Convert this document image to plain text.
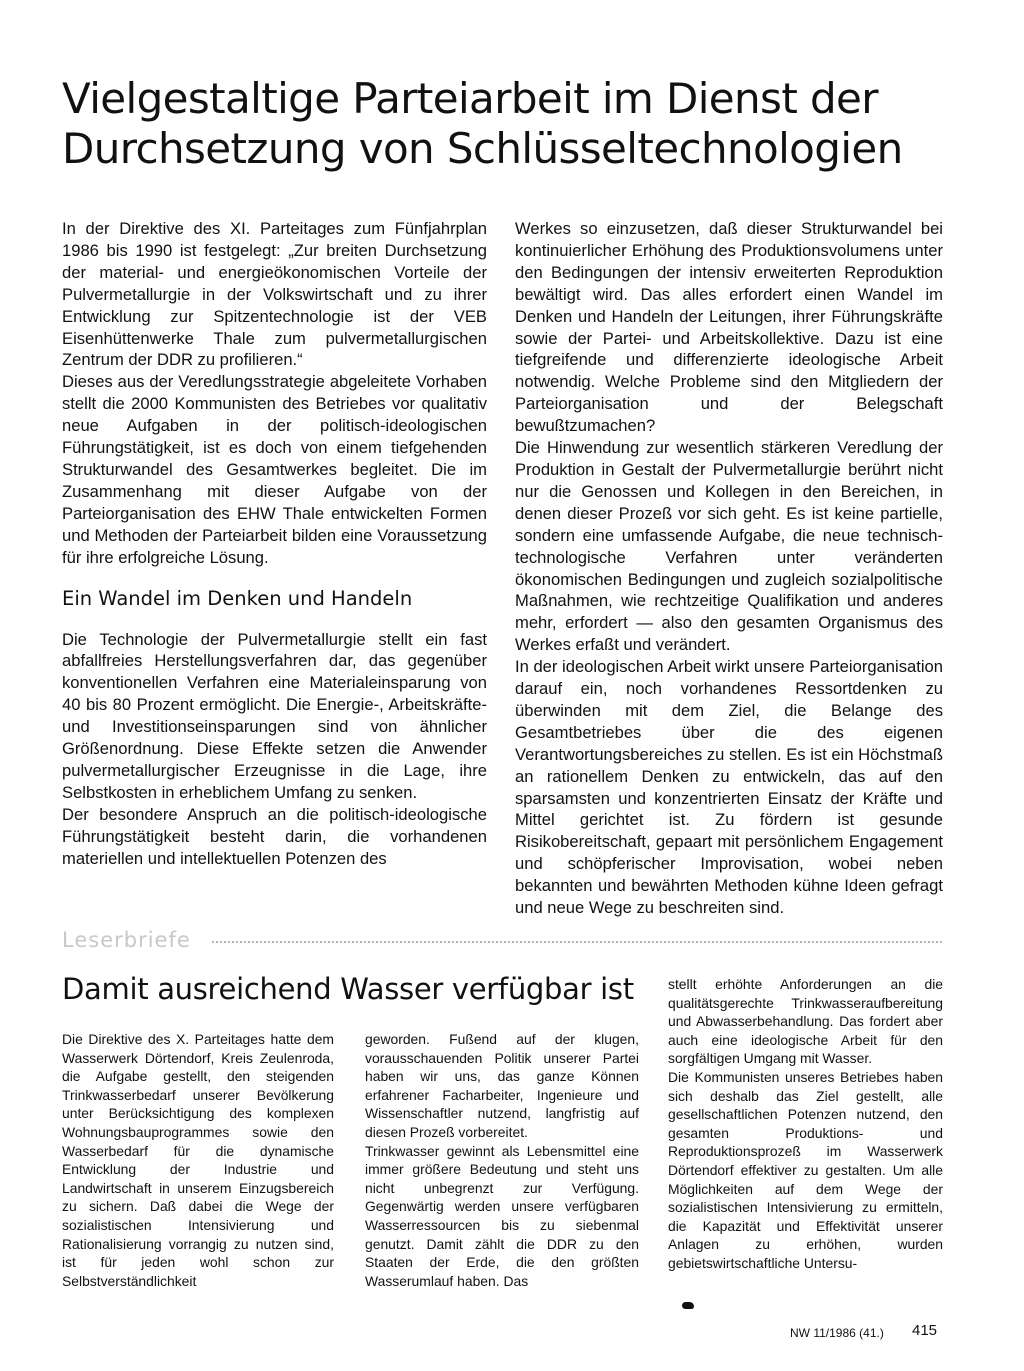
Vielgestaltige Parteiarbeit im Dienst der Durchsetzung von Schlüsseltechnologien

In der Direktive des XI. Parteitages zum Fünfjahrplan 1986 bis 1990 ist festgelegt: „Zur breiten Durchsetzung der material- und energieökonomischen Vorteile der Pulvermetallurgie in der Volkswirtschaft und zu ihrer Entwicklung zur Spitzentechnologie ist der VEB Eisenhüttenwerke Thale zum pulvermetallurgischen Zentrum der DDR zu profilieren.“

Dieses aus der Veredlungsstrategie abgeleitete Vorhaben stellt die 2000 Kommunisten des Betriebes vor qualitativ neue Aufgaben in der politisch-ideologischen Führungstätigkeit, ist es doch von einem tiefgehenden Strukturwandel des Gesamtwerkes begleitet. Die im Zusammenhang mit dieser Aufgabe von der Parteiorganisation des EHW Thale entwickelten Formen und Methoden der Parteiarbeit bilden eine Voraussetzung für ihre erfolgreiche Lösung.

Ein Wandel im Denken und Handeln

Die Technologie der Pulvermetallurgie stellt ein fast abfallfreies Herstellungsverfahren dar, das gegenüber konventionellen Verfahren eine Materialeinsparung von 40 bis 80 Prozent ermöglicht. Die Energie-, Arbeitskräfte- und Investitionseinsparungen sind von ähnlicher Größenordnung. Diese Effekte setzen die Anwender pulvermetallurgischer Erzeugnisse in die Lage, ihre Selbstkosten in erheblichem Umfang zu senken.

Der besondere Anspruch an die politisch-ideologische Führungstätigkeit besteht darin, die vorhandenen materiellen und intellektuellen Potenzen des

Werkes so einzusetzen, daß dieser Strukturwandel bei kontinuierlicher Erhöhung des Produktionsvolumens unter den Bedingungen der intensiv erweiterten Reproduktion bewältigt wird. Das alles erfordert einen Wandel im Denken und Handeln der Leitungen, ihrer Führungskräfte sowie der Partei- und Arbeitskollektive. Dazu ist eine tiefgreifende und differenzierte ideologische Arbeit notwendig. Welche Probleme sind den Mitgliedern der Parteiorganisation und der Belegschaft bewußtzumachen?

Die Hinwendung zur wesentlich stärkeren Veredlung der Produktion in Gestalt der Pulvermetallurgie berührt nicht nur die Genossen und Kollegen in den Bereichen, in denen dieser Prozeß vor sich geht. Es ist keine partielle, sondern eine umfassende Aufgabe, die neue technisch-technologische Verfahren unter veränderten ökonomischen Bedingungen und zugleich sozialpolitische Maßnahmen, wie rechtzeitige Qualifikation und anderes mehr, erfordert — also den gesamten Organismus des Werkes erfaßt und verändert.

In der ideologischen Arbeit wirkt unsere Parteiorganisation darauf ein, noch vorhandenes Ressortdenken zu überwinden mit dem Ziel, die Belange des Gesamtbetriebes über die des eigenen Verantwortungsbereiches zu stellen. Es ist ein Höchstmaß an rationellem Denken zu entwickeln, das auf den sparsamsten und konzentrierten Einsatz der Kräfte und Mittel gerichtet ist. Zu fördern ist gesunde Risikobereitschaft, gepaart mit persönlichem Engagement und schöpferischer Improvisation, wobei neben bekannten und bewährten Methoden kühne Ideen gefragt und neue Wege zu beschreiten sind.

Leserbriefe
Damit ausreichend Wasser verfügbar ist

Die Direktive des X. Parteitages hatte dem Wasserwerk Dörtendorf, Kreis Zeulenroda, die Aufgabe gestellt, den steigenden Trinkwasserbedarf unserer Bevölkerung unter Berücksichtigung des komplexen Wohnungsbauprogrammes sowie den Wasserbedarf für die dynamische Entwicklung der Industrie und Landwirtschaft in unserem Einzugsbereich zu sichern. Daß dabei die Wege der sozialistischen Intensivierung und Rationalisierung vorrangig zu nutzen sind, ist für jeden wohl schon zur Selbstverständlichkeit

geworden. Fußend auf der klugen, vorausschauenden Politik unserer Partei haben wir uns, das ganze Können erfahrener Facharbeiter, Ingenieure und Wissenschaftler nutzend, langfristig auf diesen Prozeß vorbereitet.

Trinkwasser gewinnt als Lebensmittel eine immer größere Bedeutung und steht uns nicht unbegrenzt zur Verfügung. Gegenwärtig werden unsere verfügbaren Wasserressourcen bis zu siebenmal genutzt. Damit zählt die DDR zu den Staaten der Erde, die den größten Wasserumlauf haben. Das

stellt erhöhte Anforderungen an die qualitätsgerechte Trinkwasseraufbereitung und Abwasserbehandlung. Das fordert aber auch eine ideologische Arbeit für den sorgfältigen Umgang mit Wasser.

Die Kommunisten unseres Betriebes haben sich deshalb das Ziel gestellt, alle gesellschaftlichen Potenzen nutzend, den gesamten Produktions- und Reproduktionsprozeß im Wasserwerk Dörtendorf effektiver zu gestalten. Um alle Möglichkeiten auf dem Wege der sozialistischen Intensivierung zu ermitteln, die Kapazität und Effektivität unserer Anlagen zu erhöhen, wurden gebietswirtschaftliche Untersu-

NW 11/1986 (41.) 415
